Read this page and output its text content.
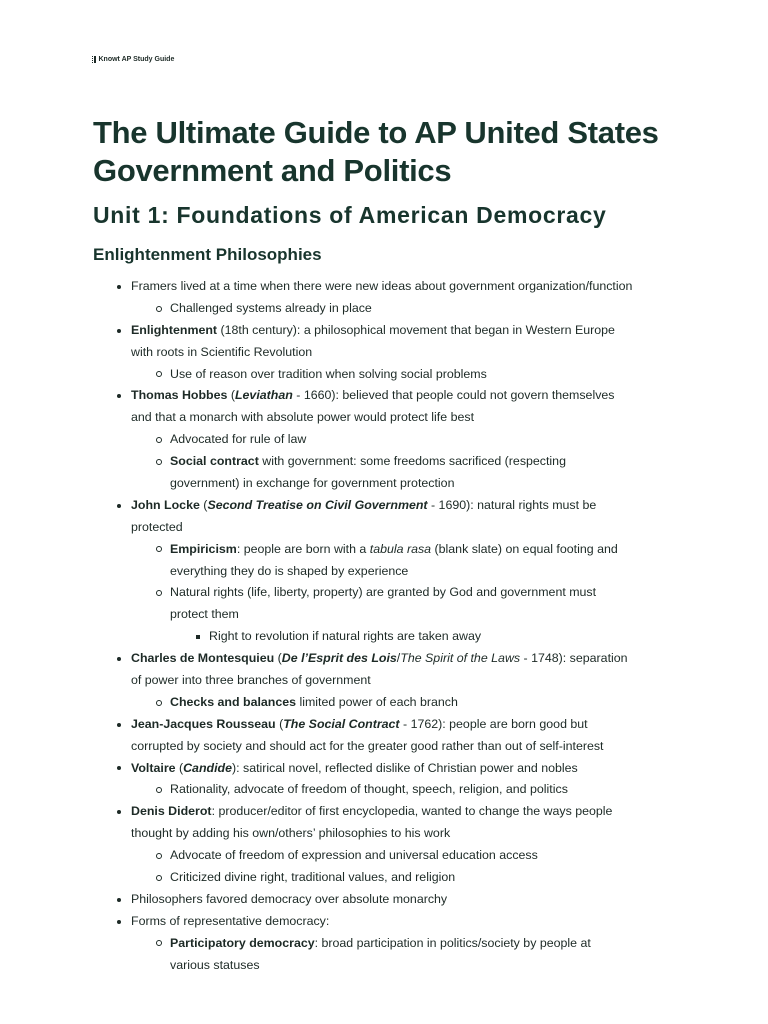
Knowt AP Study Guide
The Ultimate Guide to AP United States Government and Politics
Unit 1: Foundations of American Democracy
Enlightenment Philosophies
Framers lived at a time when there were new ideas about government organization/function
Challenged systems already in place
Enlightenment (18th century): a philosophical movement that began in Western Europe
with roots in Scientific Revolution
Use of reason over tradition when solving social problems
Thomas Hobbes (Leviathan - 1660): believed that people could not govern themselves
and that a monarch with absolute power would protect life best
Advocated for rule of law
Social contract with government: some freedoms sacrificed (respecting
government) in exchange for government protection
John Locke (Second Treatise on Civil Government - 1690): natural rights must be
protected
Empiricism: people are born with a tabula rasa (blank slate) on equal footing and
everything they do is shaped by experience
Natural rights (life, liberty, property) are granted by God and government must
protect them
Right to revolution if natural rights are taken away
Charles de Montesquieu (De l’Esprit des Lois/The Spirit of the Laws - 1748): separation
of power into three branches of government
Checks and balances limited power of each branch
Jean-Jacques Rousseau (The Social Contract - 1762): people are born good but
corrupted by society and should act for the greater good rather than out of self-interest
Voltaire (Candide): satirical novel, reflected dislike of Christian power and nobles
Rationality, advocate of freedom of thought, speech, religion, and politics
Denis Diderot: producer/editor of first encyclopedia, wanted to change the ways people
thought by adding his own/others’ philosophies to his work
Advocate of freedom of expression and universal education access
Criticized divine right, traditional values, and religion
Philosophers favored democracy over absolute monarchy
Forms of representative democracy:
Participatory democracy: broad participation in politics/society by people at
various statuses
